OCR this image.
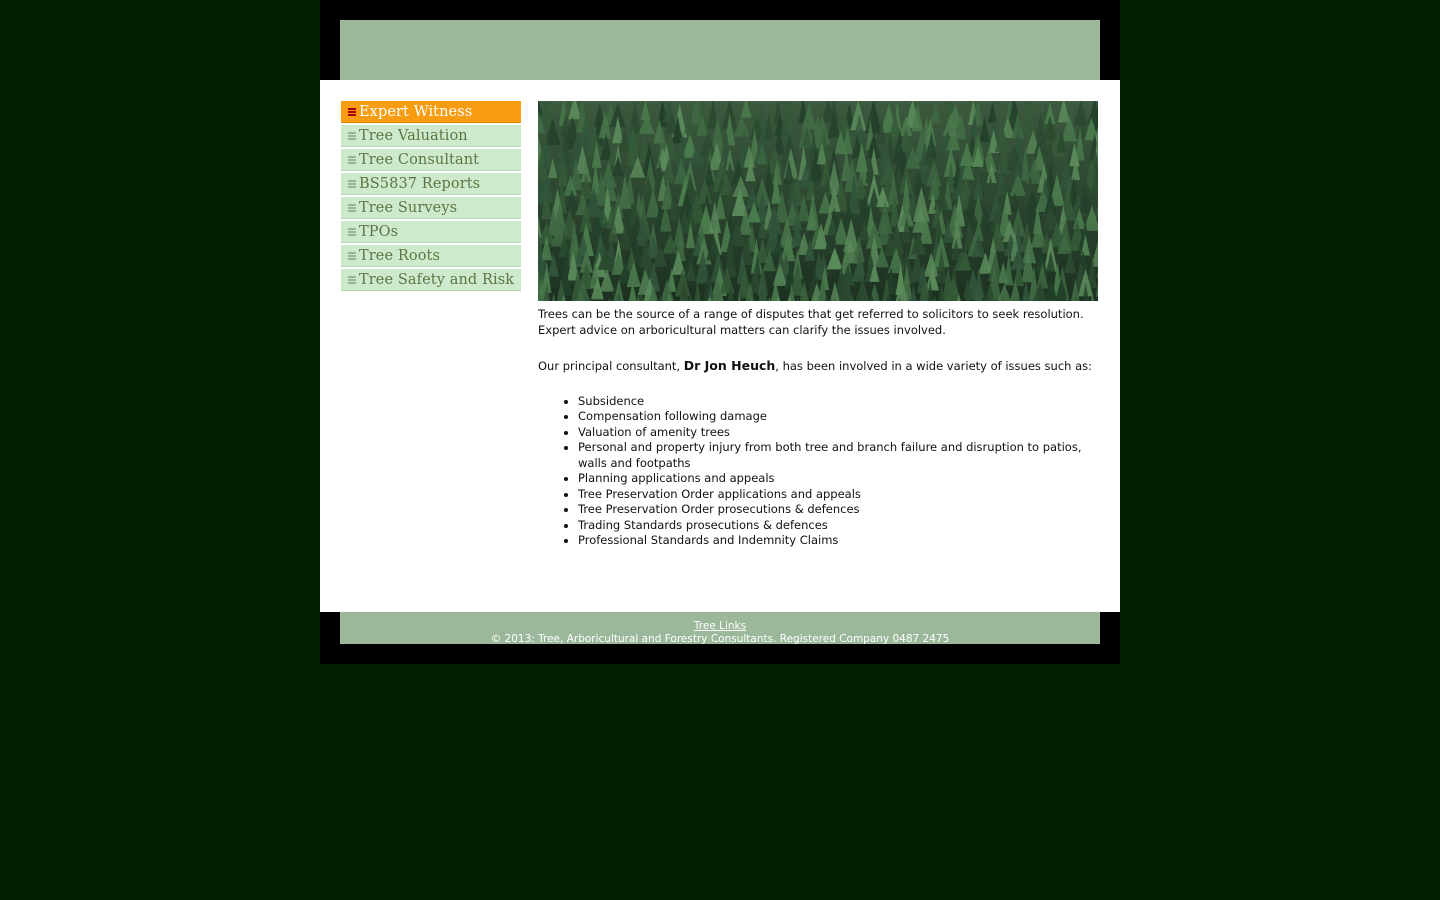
Expert Witness
Tree Valuation
Tree Consultant
BS5837 Reports
Tree Surveys
TPOs
Tree Roots
Tree Safety and Risk

Trees can be the source of a range of disputes that get referred to solicitors to seek resolution. Expert advice on arboricultural matters can clarify the issues involved.

Our principal consultant, Dr Jon Heuch, has been involved in a wide variety of issues such as:

• Subsidence
• Compensation following damage
• Valuation of amenity trees
• Personal and property injury from both tree and branch failure and disruption to patios, walls and footpaths
• Planning applications and appeals
• Tree Preservation Order applications and appeals
• Tree Preservation Order prosecutions & defences
• Trading Standards prosecutions & defences
• Professional Standards and Indemnity Claims
Tree Links
© 2013: Tree, Arboricultural and Forestry Consultants. Registered Company 0487 2475
